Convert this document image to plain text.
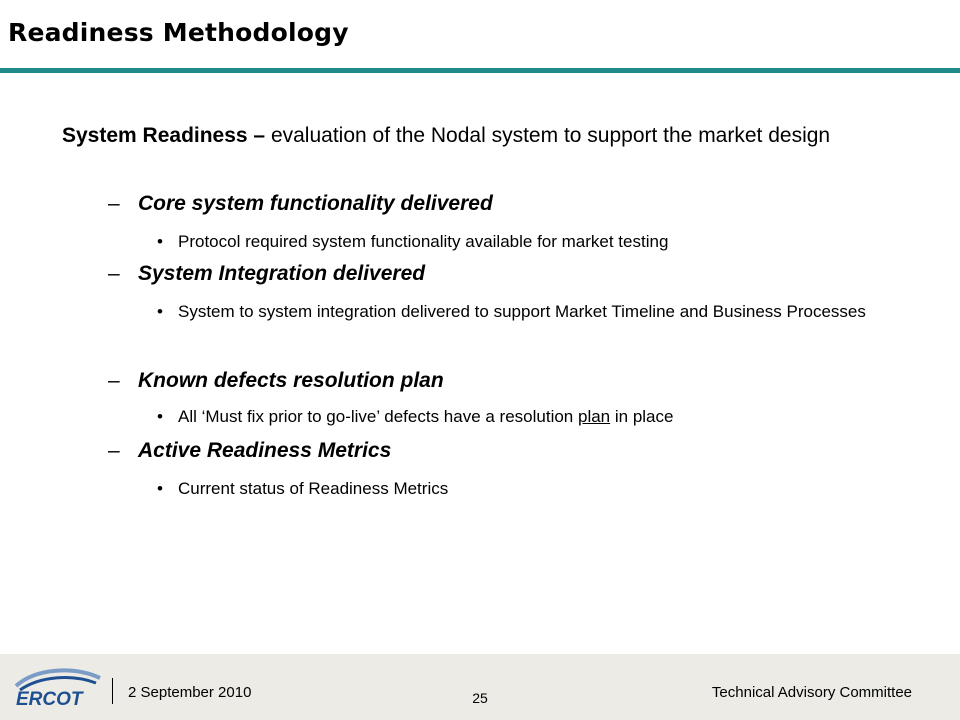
Readiness Methodology
System Readiness – evaluation of the Nodal system to support the market design
– Core system functionality delivered
• Protocol required system functionality available for market testing
– System Integration delivered
• System to system integration delivered to support Market Timeline and Business Processes
– Known defects resolution plan
• All ‘Must fix prior to go-live’ defects have a resolution plan in place
– Active Readiness Metrics
• Current status of Readiness Metrics
ERCOT	2 September 2010	25	Technical Advisory Committee
